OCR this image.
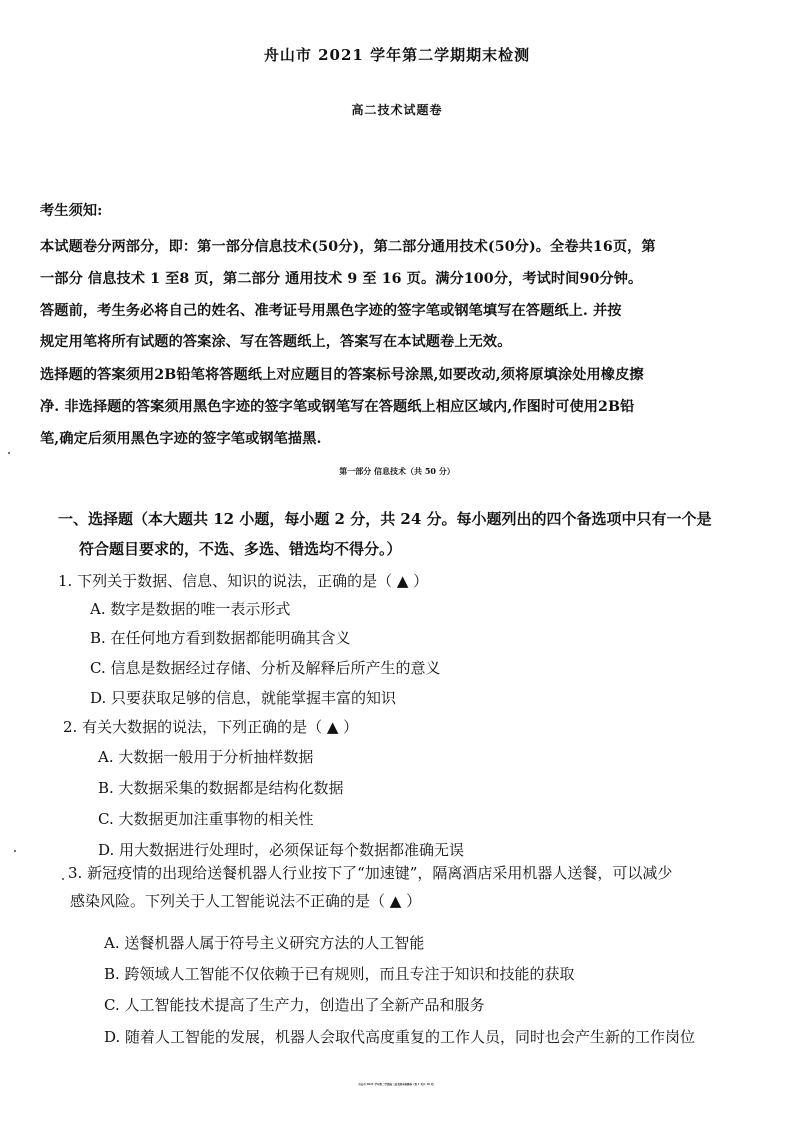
舟山市 2021 学年第二学期期末检测
高二技术试题卷
考生须知:
本试题卷分两部分，即：第一部分信息技术(50分)，第二部分通用技术(50分)。全卷共16页，第
一部分 信息技术 1 至8 页，第二部分 通用技术 9 至 16 页。满分100分，考试时间90分钟。
答题前，考生务必将自己的姓名、准考证号用黑色字迹的签字笔或钢笔填写在答题纸上. 并按
规定用笔将所有试题的答案涂、写在答题纸上，答案写在本试题卷上无效。
选择题的答案须用2B铅笔将答题纸上对应题目的答案标号涂黑,如要改动,须将原填涂处用橡皮擦
净. 非选择题的答案须用黑色字迹的签字笔或钢笔写在答题纸上相应区域内,作图时可使用2B铅
笔,确定后须用黑色字迹的签字笔或钢笔描黑.
第一部分 信息技术（共 50 分）
一、选择题（本大题共 12 小题，每小题 2 分，共 24 分。每小题列出的四个备选项中只有一个是
符合题目要求的，不选、多选、错选均不得分。）
1. 下列关于数据、信息、知识的说法，正确的是（ ▲ ）
A. 数字是数据的唯一表示形式
B. 在任何地方看到数据都能明确其含义
C. 信息是数据经过存储、分析及解释后所产生的意义
D. 只要获取足够的信息，就能掌握丰富的知识
2. 有关大数据的说法，下列正确的是（ ▲ ）
A. 大数据一般用于分析抽样数据
B. 大数据采集的数据都是结构化数据
C. 大数据更加注重事物的相关性
D. 用大数据进行处理时，必须保证每个数据都准确无误
3. 新冠疫情的出现给送餐机器人行业按下了“加速键”，隔离酒店采用机器人送餐，可以减少
感染风险。下列关于人工智能说法不正确的是（ ▲ ）
A. 送餐机器人属于符号主义研究方法的人工智能
B. 跨领域人工智能不仅依赖于已有规则，而且专注于知识和技能的获取
C. 人工智能技术提高了生产力，创造出了全新产品和服务
D. 随着人工智能的发展，机器人会取代高度重复的工作人员，同时也会产生新的工作岗位
舟山市 2021 学年第二学期高二技术期末检测卷（第 1 页共 16 页）
